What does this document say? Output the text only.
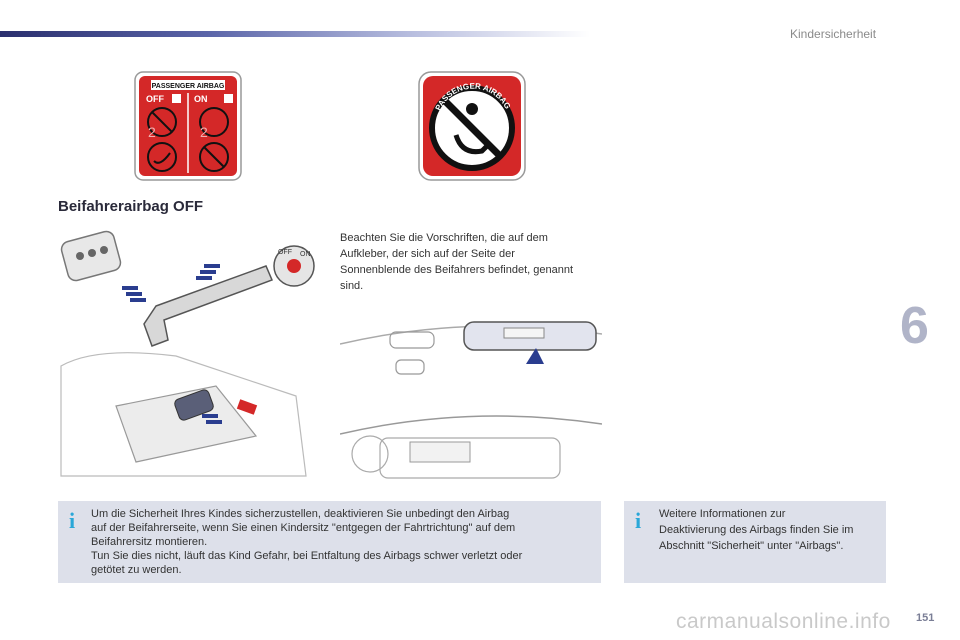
Kindersicherheit
6
PASSENGER AIRBAG
OFF	ON
2	2
PASSENGER AIRBAG
Beifahrerairbag OFF
Beachten Sie die Vorschriften, die auf dem Aufkleber, der sich auf der Seite der Sonnenblende des Beifahrers befindet, genannt sind.
OFF ON
i Um die Sicherheit Ihres Kindes sicherzustellen, deaktivieren Sie unbedingt den Airbag
auf der Beifahrerseite, wenn Sie einen Kindersitz "entgegen der Fahrtrichtung" auf dem
Beifahrersitz montieren.
Tun Sie dies nicht, läuft das Kind Gefahr, bei Entfaltung des Airbags schwer verletzt oder
getötet zu werden.
i Weitere Informationen zur
Deaktivierung des Airbags finden Sie im
Abschnitt "Sicherheit" unter "Airbags".
carmanualsonline.info 151
